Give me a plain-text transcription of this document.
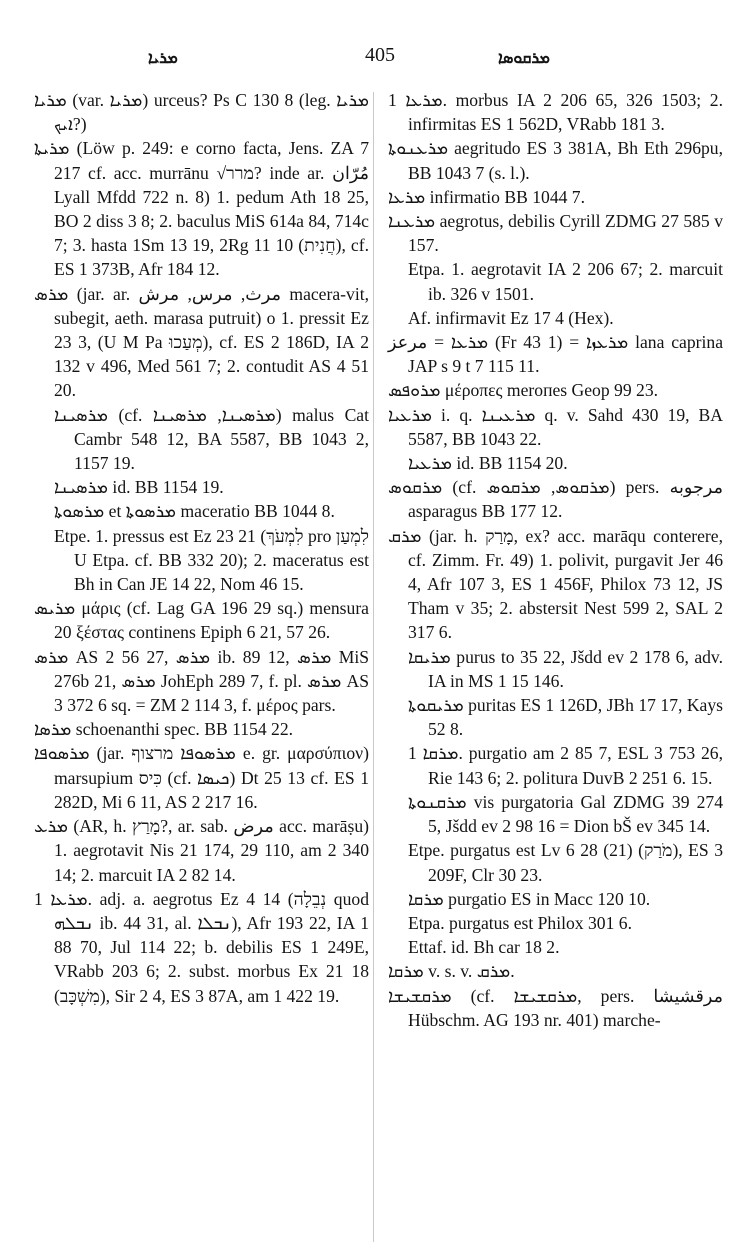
ܡܪܝܐ	405	ܡܪܩܘܣܐ

ܡܪܝܐ (var. ܡܪܝܐ) urceus? Ps C 130 8 (leg. ܡܪܝܐ ܐܝܟ?)

ܡܪܝܬܐ (Löw p. 249: e corno facta, Jens. ZA 7 217 cf. acc. murrānu √מרר? inde ar. مُرّان Lyall Mfdd 722 n. 8) 1. pedum Ath 18 25, BO 2 diss 3 8; 2. baculus MiS 614a 84, 714c 7; 3. hasta 1Sm 13 19, 2Rg 11 10 (חֲנִית), cf. ES 1 373B, Afr 184 12.

ܡܪܣ (jar. ar. مرث, مرس, مرش macera-vit, subegit, aeth. marasa putruit) o 1. pressit Ez 23 3, (U M Pa מְעַכוּ), cf. ES 2 186D, IA 2 132 v 496, Med 561 7; 2. contudit AS 4 51 20.

ܡܪܣܝܢܐ (cf. ܡܪܣܝܢܐ, ܡܪܣܝܢܐ) malus Cat Cambr 548 12, BA 5587, BB 1043 2, 1157 19.

ܡܪܣܝܢܐ id. BB 1154 19.

ܡܪܣܘܬܐ et ܡܪܣܘܬܐ maceratio BB 1044 8.

Etpe. 1. pressus est Ez 23 21 (לִמְעֹךְ pro לִמְעַן U Etpa. cf. BB 332 20); 2. maceratus est Bh in Can JE 14 22, Nom 46 15.

ܡܪܝܣ μάρις (cf. Lag GA 196 29 sq.) mensura 20 ξέστας continens Epiph 6 21, 57 26.

ܡܪܣ AS 2 56 27, ܡܪܣ ib. 89 12, ܡܪܣ MiS 276b 21, ܡܪܣ JohEph 289 7, f. pl. ܡܪܣ AS 3 372 6 sq. = ZM 2 114 3, f. μέρος pars.

ܡܪܣܐ schoenanthi spec. BB 1154 22.

ܡܪܣܘܦܐ (jar. ܡܪܣܘܦܐ מרצוף e. gr. μαρσύπιον) marsupium כִּיס (cf. ܟܝܣܐ) Dt 25 13 cf. ES 1 282D, Mi 6 11, AS 2 217 16.

ܡܪܥ (AR, h. מָרַץ?, ar. sab. مرض acc. marāṣu) 1. aegrotavit Nis 21 174, 29 110, am 2 340 14; 2. marcuit IA 2 82 14.

ܡܪܥܐ 1. adj. a. aegrotus Ez 4 14 (נְבֵלָה quod ܢܒܠܗ ib. 44 31, al. ܢܒܠܐ), Afr 193 22, IA 1 88 70, Jul 114 22; b. debilis ES 1 249E, VRabb 203 6; 2. subst. morbus Ex 21 18 (מִשְׁכָּב), Sir 2 4, ES 3 87A, am 1 422 19.

ܡܪܥܐ 1. morbus IA 2 206 65, 326 1503; 2. infirmitas ES 1 562D, VRabb 181 3.

ܡܪܥܢܘܬܐ aegritudo ES 3 381A, Bh Eth 296pu, BB 1043 7 (s. l.).

ܡܪܥܐ infirmatio BB 1044 7.

ܡܪܥܢܐ aegrotus, debilis Cyrill ZDMG 27 585 v 157.

Etpa. 1. aegrotavit IA 2 206 67; 2. marcuit ib. 326 v 1501.

Af. infirmavit Ez 17 4 (Hex).

ܡܪܥܐ = مرعز (Fr 43 1) = ܡܪܥܙܐ lana caprina JAP s 9 t 7 115 11.

ܡܪܘܦܣ μέροπες merопes Geop 99 23.

ܡܪܥܝܐ i. q. ܡܪܥܝܢܐ q. v. Sahd 430 19, BA 5587, BB 1043 22.

ܡܪܥܝܐ id. BB 1154 20.

ܡܪܩܘܣ (cf. ܡܪܩܘܣ, ܡܪܩܘܣ) pers. مرجوبه asparagus BB 177 12.

ܡܪܩ (jar. h. מָרַק, ex? acc. marāqu conterere, cf. Zimm. Fr. 49) 1. polivit, purgavit Jer 46 4, Afr 107 3, ES 1 456F, Philox 73 12, JS Tham v 35; 2. abstersit Nest 599 2, SAL 2 317 6.

ܡܪܝܩܐ purus to 35 22, Jšdd ev 2 178 6, adv. IA in MS 1 15 146.

ܡܪܝܩܘܬܐ puritas ES 1 126D, JBh 17 17, Kays 52 8.

ܡܪܩܐ 1. purgatio am 2 85 7, ESL 3 753 26, Rie 143 6; 2. politura DuvB 2 251 6. 15.

ܡܪܩܢܘܬܐ vis purgatoria Gal ZDMG 39 274 5, Jšdd ev 2 98 16 = Dion bŠ ev 345 14.

Etpe. purgatus est Lv 6 28 (21) (מֹרַק), ES 3 209F, Clr 30 23.

ܡܪܩܐ purgatio ES in Macc 120 10.

Etpa. purgatus est Philox 301 6.

Ettaf. id. Bh car 18 2.

ܡܪܩܐ v. s. v. ܡܪܩ.

ܡܪܩܫܝܫܐ (cf. ܡܪܩܫܝܫܐ, pers. مرقشیشا Hübschm. AG 193 nr. 401) marche-
